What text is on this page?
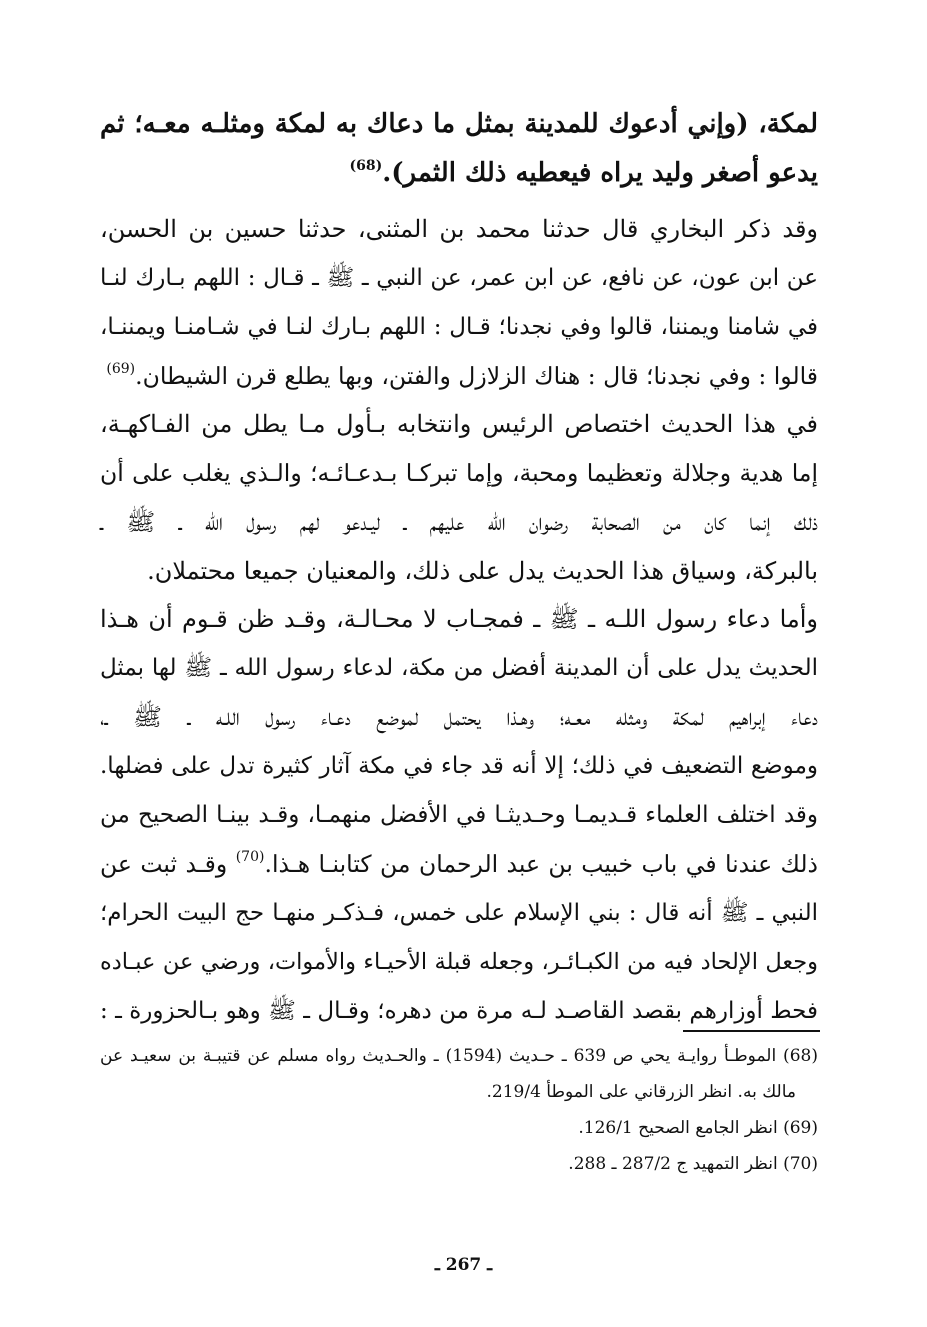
لمكة، (وإني أدعوك للمدينة بمثل ما دعاك به لمكة ومثلـه معـه؛ ثم
يدعو أصغر وليد يراه فيعطيه ذلك الثمر).$^{(68)}$
وقد ذكر البخاري قال حدثنا محمد بن المثنى، حدثنا حسين بن الحسن،
عن ابن عون، عن نافع، عن ابن عمر، عن النبي ـ ﷺ ـ قـال : اللهم بـارك لنـا
في شامنا ويمننا، قالوا وفي نجدنا؛ قـال : اللهم بـارك لنـا في شـامنـا ويمننـا،
قالوا : وفي نجدنا؛ قال : هناك الزلازل والفتن، وبها يطلع قرن الشيطان.$^{(69)}$
في هذا الحديث اختصاص الرئيس وانتخابه بـأول مـا يطل من الفـاكهـة،
إما هدية وجلالة وتعظيما ومحبة، وإما تبركـا بـدعـائـه؛ والـذي يغلب على أن
ذلك إنما كان من الصحابة رضوان الله عليهم ـ ليـدعو لهم رسول الله ـ ﷺ ـ
بالبركة، وسياق هذا الحديث يدل على ذلك، والمعنيان جميعا محتملان.
وأما دعاء رسول اللـه ـ ﷺ ـ فمجـاب لا محـالـة، وقـد ظن قـوم أن هـذا
الحديث يدل على أن المدينة أفضل من مكة، لدعاء رسول الله ـ ﷺ لها بمثل
دعاء إبراهيم لمكة ومثله معـه؛ وهـذا يحتمل لموضع دعـاء رسول اللـه ـ ﷺ ـ،
وموضع التضعيف في ذلك؛ إلا أنه قد جاء في مكة آثار كثيرة تدل على فضلها.
وقد اختلف العلماء قـديمـا وحـديثـا في الأفضل منهمـا، وقـد بينـا الصحيح من
ذلك عندنا في باب خبيب بن عبد الرحمان من كتابنـا هـذا.$^{(70)}$ وقـد ثبت عن
النبي ـ ﷺ أنه قال : بني الإسلام على خمس، فـذكـر منهـا حج البيت الحرام؛
وجعل الإلحاد فيه من الكبـائـر، وجعله قبلة الأحيـاء والأموات، ورضي عن عبـاده
فحط أوزارهم بقصد القاصـد لـه مرة من دهره؛ وقـال ـ ﷺ وهو بـالحزورة ـ :
(68) الموطـأ روايـة يحي ص 639 ـ حـديث (1594) ـ والحـديث رواه مسلم عن قتيبـة بن سعيـد عن
مالك به. انظر الزرقاني على الموطأ 219/4.
(69) انظر الجامع الصحيح 126/1.
(70) انظر التمهيد ج 287/2 ـ 288.
ـ 267 ـ
